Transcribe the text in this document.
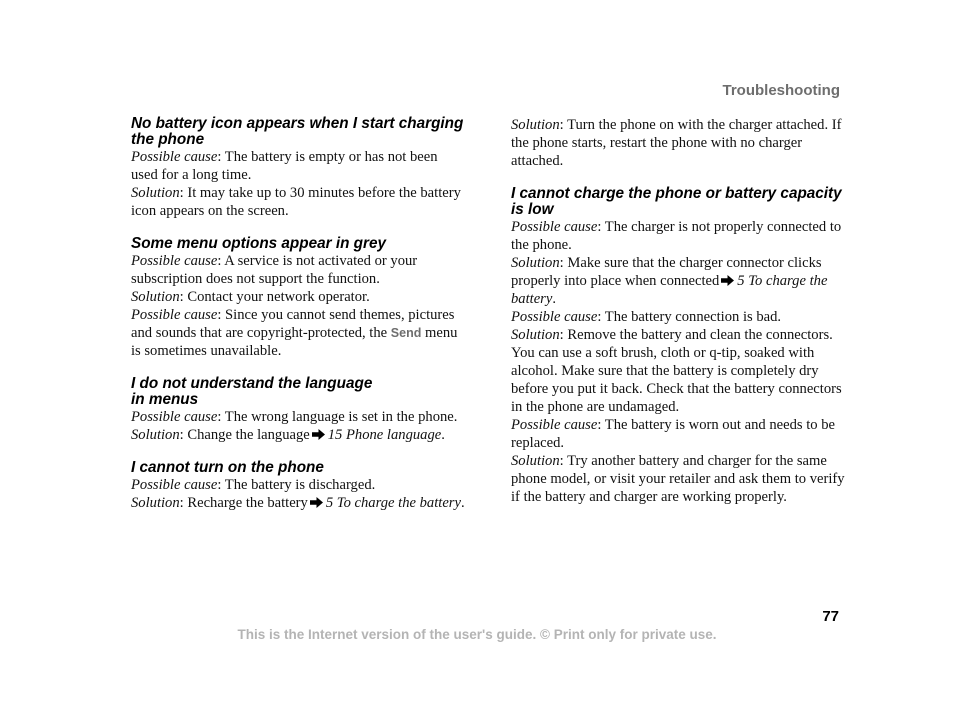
Troubleshooting
No battery icon appears when I start charging the phone

Possible cause: The battery is empty or has not been used for a long time.

Solution: It may take up to 30 minutes before the battery icon appears on the screen.

Some menu options appear in grey

Possible cause: A service is not activated or your subscription does not support the function.

Solution: Contact your network operator.

Possible cause: Since you cannot send themes, pictures and sounds that are copyright-protected, the Send menu is sometimes unavailable.

I do not understand the language
in menus

Possible cause: The wrong language is set in the phone.

Solution: Change the language 15 Phone language.

I cannot turn on the phone

Possible cause: The battery is discharged.

Solution: Recharge the battery 5 To charge the battery.

Solution: Turn the phone on with the charger attached. If the phone starts, restart the phone with no charger attached.

I cannot charge the phone or battery capacity is low

Possible cause: The charger is not properly connected to the phone.

Solution: Make sure that the charger connector clicks properly into place when connected 5 To charge the battery.

Possible cause: The battery connection is bad.

Solution: Remove the battery and clean the connectors. You can use a soft brush, cloth or q-tip, soaked with alcohol. Make sure that the battery is completely dry before you put it back. Check that the battery connectors in the phone are undamaged.

Possible cause: The battery is worn out and needs to be replaced.

Solution: Try another battery and charger for the same phone model, or visit your retailer and ask them to verify if the battery and charger are working properly.

77
This is the Internet version of the user's guide. © Print only for private use.
